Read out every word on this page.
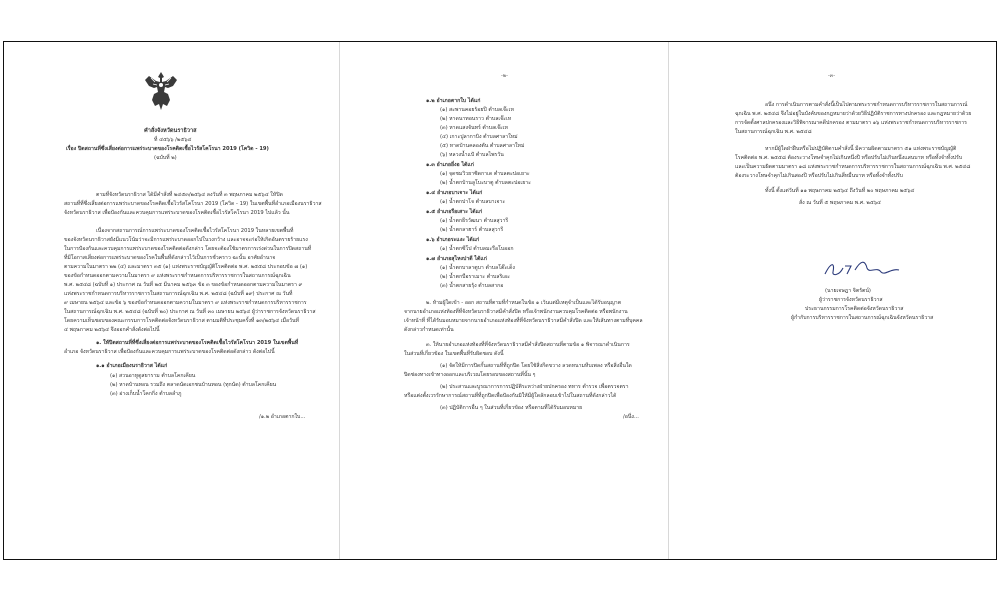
คำสั่งจังหวัดนราธิวาส
ที่ ๔๕๖๖ /๒๕๖๔
เรื่อง ปิดสถานที่ซึ่งเสี่ยงต่อการแพร่ระบาดของโรคติดเชื้อไวรัสโคโรนา 2019 (โควิด - 19)
(ฉบับที่ ๒)
ตามที่จังหวัดนราธิวาส ได้มีคำสั่งที่ ๒๔๕๓/๒๕๖๔ ลงวันที่ ๓ พฤษภาคม ๒๕๖๔ ให้ปิด
สถานที่ที่ซึ่งเสี่ยงต่อการแพร่ระบาดของโรคติดเชื้อไวรัสโคโรนา 2019 (โควิด - 19) ในเขตพื้นที่อำเภอเมืองนราธิวาส
จังหวัดนราธิวาส เพื่อป้องกันและควบคุมการแพร่ระบาดของโรคติดเชื้อไวรัสโคโรนา 2019 ไปแล้ว นั้น
เนื่องจากสถานการณ์การแพร่ระบาดของโรคติดเชื้อไวรัสโคโรนา 2019 ในหลายเขตพื้นที่
ของจังหวัดนราธิวาสยังมีแนวโน้มว่าจะมีการแพร่ระบาดออกไปในวงกว้าง และอาจจะก่อให้เกิดอันตรายร้ายแรง
ในการป้องกันและควบคุมการแพร่ระบาดของโรคติดต่อดังกล่าว โดยจะต้องใช้มาตรการเร่งด่วนในการปิดสถานที่
ที่มีโอกาสเสี่ยงต่อการแพร่ระบาดของโรคในพื้นที่ดังกล่าวไว้เป็นการชั่วคราว ฉะนั้น อาศัยอำนาจ
ตามความในมาตรา ๒๒ (๔) และมาตรา ๓๕ (๑) แห่งพระราชบัญญัติโรคติดต่อ พ.ศ. ๒๕๕๘ ประกอบข้อ ๗ (๑)
ของข้อกำหนดออกตามความในมาตรา ๙ แห่งพระราชกำหนดการบริหารราชการในสถานการณ์ฉุกเฉิน
พ.ศ. ๒๕๔๘ (ฉบับที่ ๑) ประกาศ ณ วันที่ ๒๕ มีนาคม ๒๕๖๓ ข้อ ๓ ของข้อกำหนดออกตามความในมาตรา ๙
แห่งพระราชกำหนดการบริหารราชการในสถานการณ์ฉุกเฉิน พ.ศ. ๒๕๔๘ (ฉบับที่ ๑๙) ประกาศ ณ วันที่
๙ เมษายน ๒๕๖๔ และข้อ ๖ ของข้อกำหนดออกตามความในมาตรา ๙ แห่งพระราชกำหนดการบริหารราชการ
ในสถานการณ์ฉุกเฉิน พ.ศ. ๒๕๔๘ (ฉบับที่ ๒๐) ประกาศ ณ วันที่ ๓๐ เมษายน ๒๕๖๔ ผู้ว่าราชการจังหวัดนราธิวาส
โดยความเห็นชอบของคณะกรรมการโรคติดต่อจังหวัดนราธิวาส ตามมติที่ประชุมครั้งที่ ๑๓/๒๕๖๔ เมื่อวันที่
๔ พฤษภาคม ๒๕๖๔ จึงออกคำสั่งดังต่อไปนี้
๑. ให้ปิดสถานที่ที่ซึ่งเสี่ยงต่อการแพร่ระบาดของโรคติดเชื้อไวรัสโคโรนา 2019 ในเขตพื้นที่
อำเภอ จังหวัดนราธิวาส เพื่อป้องกันและควบคุมการแพร่ระบาดของโรคติดต่อดังกล่าว ดังต่อไปนี้
๑.๑ อำเภอเมืองนราธิวาส ได้แก่
(๑) สวนอาหูดูสยาราม ตำบลโคกเคียน
(๒) หาดบ้านทอน รวมถึง ตลาดนัดเอกชนบ้านทอน (ทุกนัด) ตำบลโคกเคียน
(๓) อ่างเก็บน้ำโคกกิ่ง ตำบลลำภู
/๑.๒ อำเภอตากใบ...
-๒-
๑.๒ อำเภอตากใบ ได้แก่
(๑) สะพานคอยร้อยปี ตำบลเจ๊ะเห
(๒) หาดนาทอนราว ตำบลเจ๊ะเห
(๓) หาดแสงจันทร์ ตำบลเจ๊ะเห
(๔) เกาะปูลากาบิง ตำบลศาลาใหม่
(๕) หาดบ้านคลองตัน ตำบลศาลาใหม่
(๖) หลวงน้ำแป้ ตำบลไพรวัน
๑.๓ อำเภอยี่งอ ได้แก่
(๑) จุดชมวิวยาซิดกาเด ตำบลตะปอเยาะ
(๒) น้ำตกบ้านลูโบะบาตู ตำบลตะปอเยาะ
๑.๔ อำเภอบาเจาะ ได้แก่
(๑) น้ำตกปาโจ ตำบลบาเจาะ
๑.๕ อำเภอรือเสาะ ได้แก่
(๑) น้ำตกธีรวัฒนา ตำบลสุวารี
(๒) น้ำตกลาฮาร์ ตำบลสุวารี
๑.๖ อำเภอระแงะ ได้แก่
(๑) น้ำตกซีโป ตำบลมะรือโบออก
๑.๗ อำเภอสุไหงปาดี ได้แก่
(๑) น้ำตกบาลาตูบา ตำบลโต๊ะเด็ง
(๒) น้ำตกบือราเมาะ ตำบลริเอะ
(๓) น้ำตกสายรุ้ง ตำบลสากอ
๒. ห้ามผู้ใดเข้า - ออก สถานที่ตามที่กำหนดในข้อ ๑ เว้นแต่มีเหตุจำเป็นและได้รับอนุญาต
จากนายอำเภอแห่งท้องที่ที่จังหวัดนราธิวาสมีคำสั่งปิด หรือเจ้าพนักงานควบคุมโรคติดต่อ หรือพนักงาน
เจ้าหน้าที่ ที่ได้รับมอบหมายจากนายอำเภอแห่งท้องที่ที่จังหวัดนราธิวาสมีคำสั่งปิด และให้เส้นทางตามที่บุคคล
ดังกล่าวกำหนดเท่านั้น
๓. ให้นายอำเภอแห่งท้องที่ที่จังหวัดนราธิวาสมีคำสั่งปิดสถานที่ตามข้อ ๑ พิจารณาดำเนินการ
ในส่วนที่เกี่ยวข้อง ในเขตพื้นที่รับผิดชอบ ดังนี้
(๑) จัดให้มีการปิดกั้นสถานที่ที่ถูกปิด โดยใช้สิ่งกีดขวาง ลวดหนามหีบเพลง หรือสิ่งอื่นใด
ปิดช่องทางเข้าทางออกและบริเวณโดยรอบของสถานที่นั้น ๆ
(๒) ประสานและบูรณาการการปฏิบัติระหว่างฝ่ายปกครอง ทหาร ตำรวจ เพื่อตรวจตรา
หรือแต่งตั้งเวรรักษาการณ์สถานที่ที่ถูกปิดเพื่อป้องกันมิให้มีผู้ใดลักลอบเข้าไปในสถานที่ดังกล่าวได้
(๓) ปฏิบัติการอื่น ๆ ในส่วนที่เกี่ยวข้อง หรือตามที่ได้รับมอบหมาย
/อนึ่ง...
-๓-
อนึ่ง การดำเนินการตามคำสั่งนี้เป็นไปตามพระราชกำหนดการบริหารราชการในสถานการณ์
ฉุกเฉิน พ.ศ. ๒๕๔๘ จึงไม่อยู่ในบังคับของกฎหมายว่าด้วยวิธีปฏิบัติราชการทางปกครอง และกฎหมายว่าด้วย
การจัดตั้งศาลปกครองและวิธีพิจารณาคดีปกครอง ตามมาตรา ๑๖ แห่งพระราชกำหนดการบริหารราชการ
ในสถานการณ์ฉุกเฉิน พ.ศ. ๒๕๔๘
หากมีผู้ใดฝ่าฝืนหรือไม่ปฏิบัติตามคำสั่งนี้ มีความผิดตามมาตรา ๕๑ แห่งพระราชบัญญัติ
โรคติดต่อ พ.ศ. ๒๕๕๘ ต้องระวางโทษจำคุกไม่เกินหนึ่งปี หรือปรับไม่เกินหนึ่งแสนบาท หรือทั้งจำทั้งปรับ
และเป็นความผิดตามมาตรา ๑๘ แห่งพระราชกำหนดการบริหารราชการในสถานการณ์ฉุกเฉิน พ.ศ. ๒๕๔๘
ต้องระวางโทษจำคุกไม่เกินสองปี หรือปรับไม่เกินสี่หมื่นบาท หรือทั้งจำทั้งปรับ
ทั้งนี้ ตั้งแต่วันที่ ๑๑ พฤษภาคม ๒๕๖๔ ถึงวันที่ ๒๐ พฤษภาคม ๒๕๖๔
สั่ง ณ วันที่ ๕ พฤษภาคม พ.ศ. ๒๕๖๔
(นายเจษฎา จิตรัตน์)
ผู้ว่าราชการจังหวัดนราธิวาส
ประธานกรรมการโรคติดต่อจังหวัดนราธิวาส
ผู้กำกับการบริหารราชการในสถานการณ์ฉุกเฉินจังหวัดนราธิวาส
